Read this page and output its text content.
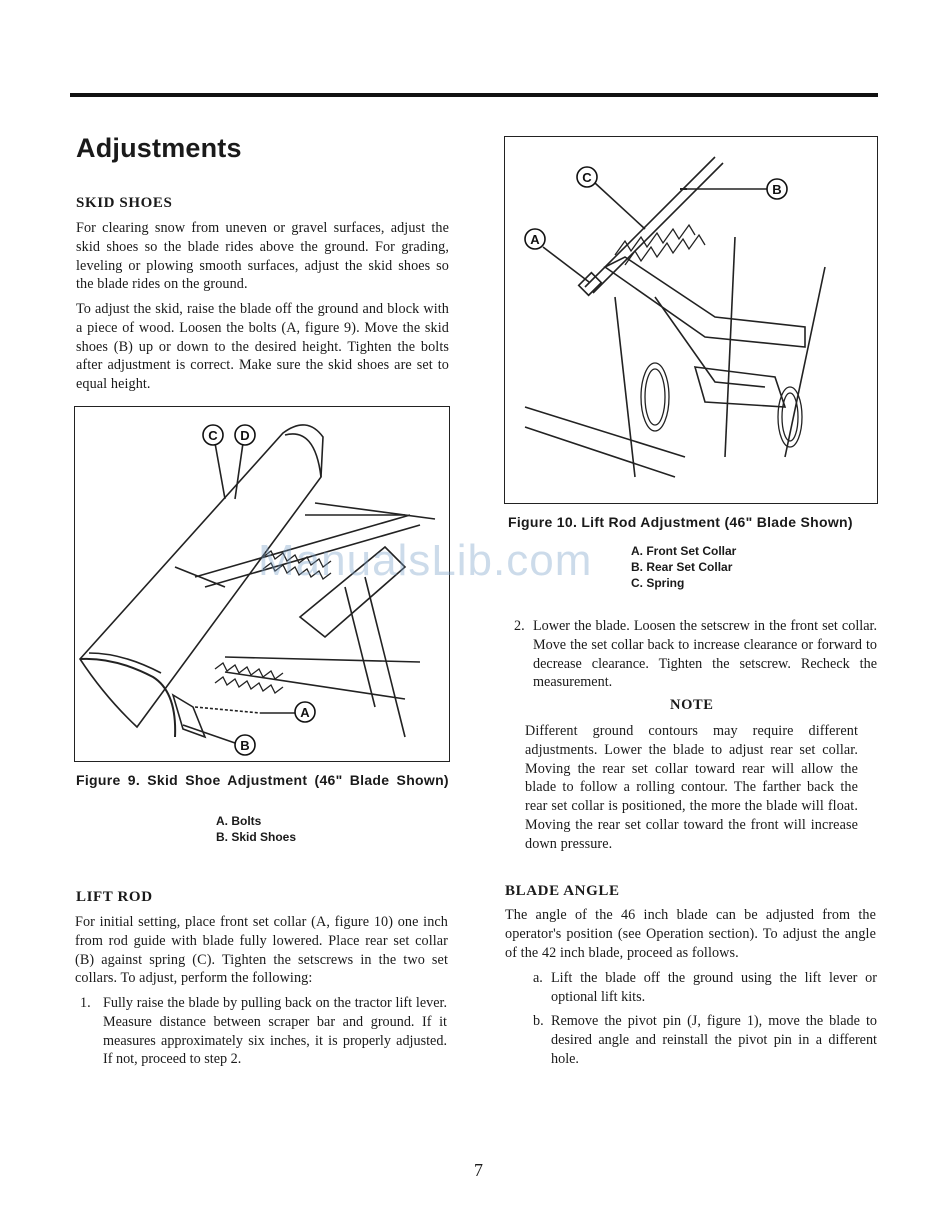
Adjustments
SKID SHOES

For clearing snow from uneven or gravel surfaces, adjust the skid shoes so the blade rides above the ground. For grading, leveling or plowing smooth surfaces, adjust the skid shoes so the blade rides on the ground.

To adjust the skid, raise the blade off the ground and block with a piece of wood. Loosen the bolts (A, figure 9). Move the skid shoes (B) up or down to the desired height. Tighten the bolts after adjustment is correct. Make sure the skid shoes are set to equal height.

C D
A
B

Figure 9. Skid Shoe Adjustment (46" Blade Shown)

A. Bolts
B. Skid Shoes
LIFT ROD

For initial setting, place front set collar (A, figure 10) one inch from rod guide with blade fully lowered. Place rear set collar (B) against spring (C). Tighten the setscrews in the two set collars. To adjust, perform the following:

1. Fully raise the blade by pulling back on the tractor lift lever. Measure distance between scraper bar and ground. If it measures approximately six inches, it is properly adjusted. If not, proceed to step 2.

C
B
A

Figure 10. Lift Rod Adjustment (46" Blade Shown)

A. Front Set Collar
B. Rear Set Collar
C. Spring
2. Lower the blade. Loosen the setscrew in the front set collar. Move the set collar back to increase clearance or forward to decrease clearance. Tighten the setscrew. Recheck the measurement.

NOTE

Different ground contours may require different adjustments. Lower the blade to adjust rear set collar. Moving the rear set collar toward rear will allow the blade to follow a rolling contour. The farther back the rear set collar is positioned, the more the blade will float. Moving the rear set collar toward the front will increase down pressure.

BLADE ANGLE

The angle of the 46 inch blade can be adjusted from the operator's position (see Operation section). To adjust the angle of the 42 inch blade, proceed as follows.

a. Lift the blade off the ground using the lift lever or optional lift kits.

b. Remove the pivot pin (J, figure 1), move the blade to desired angle and reinstall the pivot pin in a different hole.

ManualsLib.com
7
